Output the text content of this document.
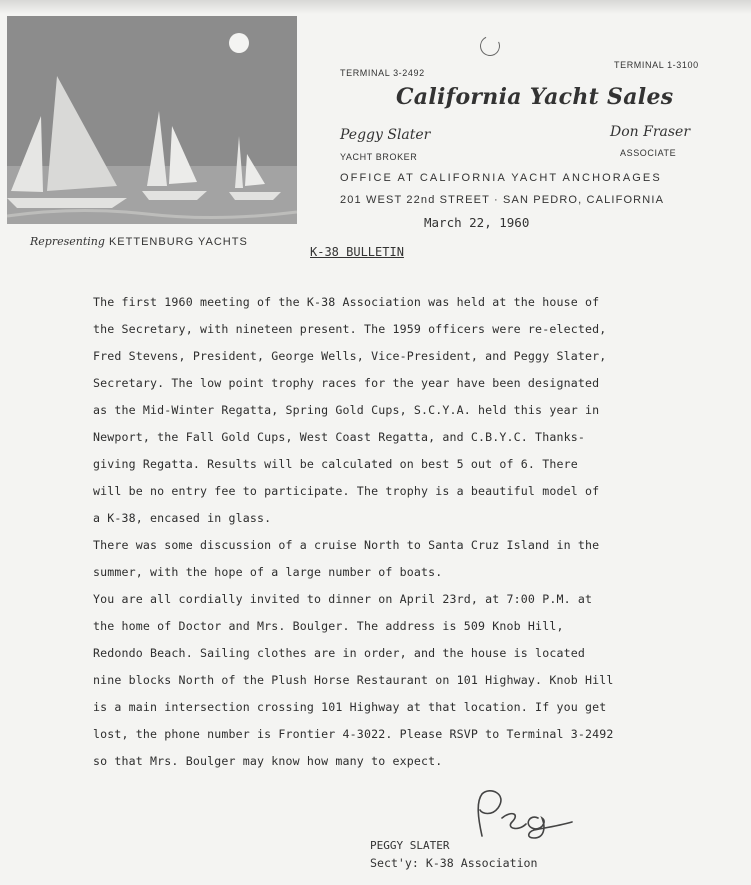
Representing KETTENBURG YACHTS
TERMINAL 3-2492
TERMINAL 1-3100
California Yacht Sales
Peggy Slater
YACHT BROKER
Don Fraser
ASSOCIATE
OFFICE AT CALIFORNIA YACHT ANCHORAGES
201 WEST 22nd STREET · SAN PEDRO, CALIFORNIA
March 22, 1960
K-38 BULLETIN
The first 1960 meeting of the K-38 Association was held at the house of
the Secretary, with nineteen present. The 1959 officers were re-elected,
Fred Stevens, President, George Wells, Vice-President, and Peggy Slater,
Secretary. The low point trophy races for the year have been designated
as the Mid-Winter Regatta, Spring Gold Cups, S.C.Y.A. held this year in
Newport, the Fall Gold Cups, West Coast Regatta, and C.B.Y.C. Thanks-
giving Regatta. Results will be calculated on best 5 out of 6. There
will be no entry fee to participate. The trophy is a beautiful model of
a K-38, encased in glass.
There was some discussion of a cruise North to Santa Cruz Island in the
summer, with the hope of a large number of boats.
You are all cordially invited to dinner on April 23rd, at 7:00 P.M. at
the home of Doctor and Mrs. Boulger. The address is 509 Knob Hill,
Redondo Beach. Sailing clothes are in order, and the house is located
nine blocks North of the Plush Horse Restaurant on 101 Highway. Knob Hill
is a main intersection crossing 101 Highway at that location. If you get
lost, the phone number is Frontier 4-3022. Please RSVP to Terminal 3-2492
so that Mrs. Boulger may know how many to expect.
PEGGY SLATER
Sect'y: K-38 Association
